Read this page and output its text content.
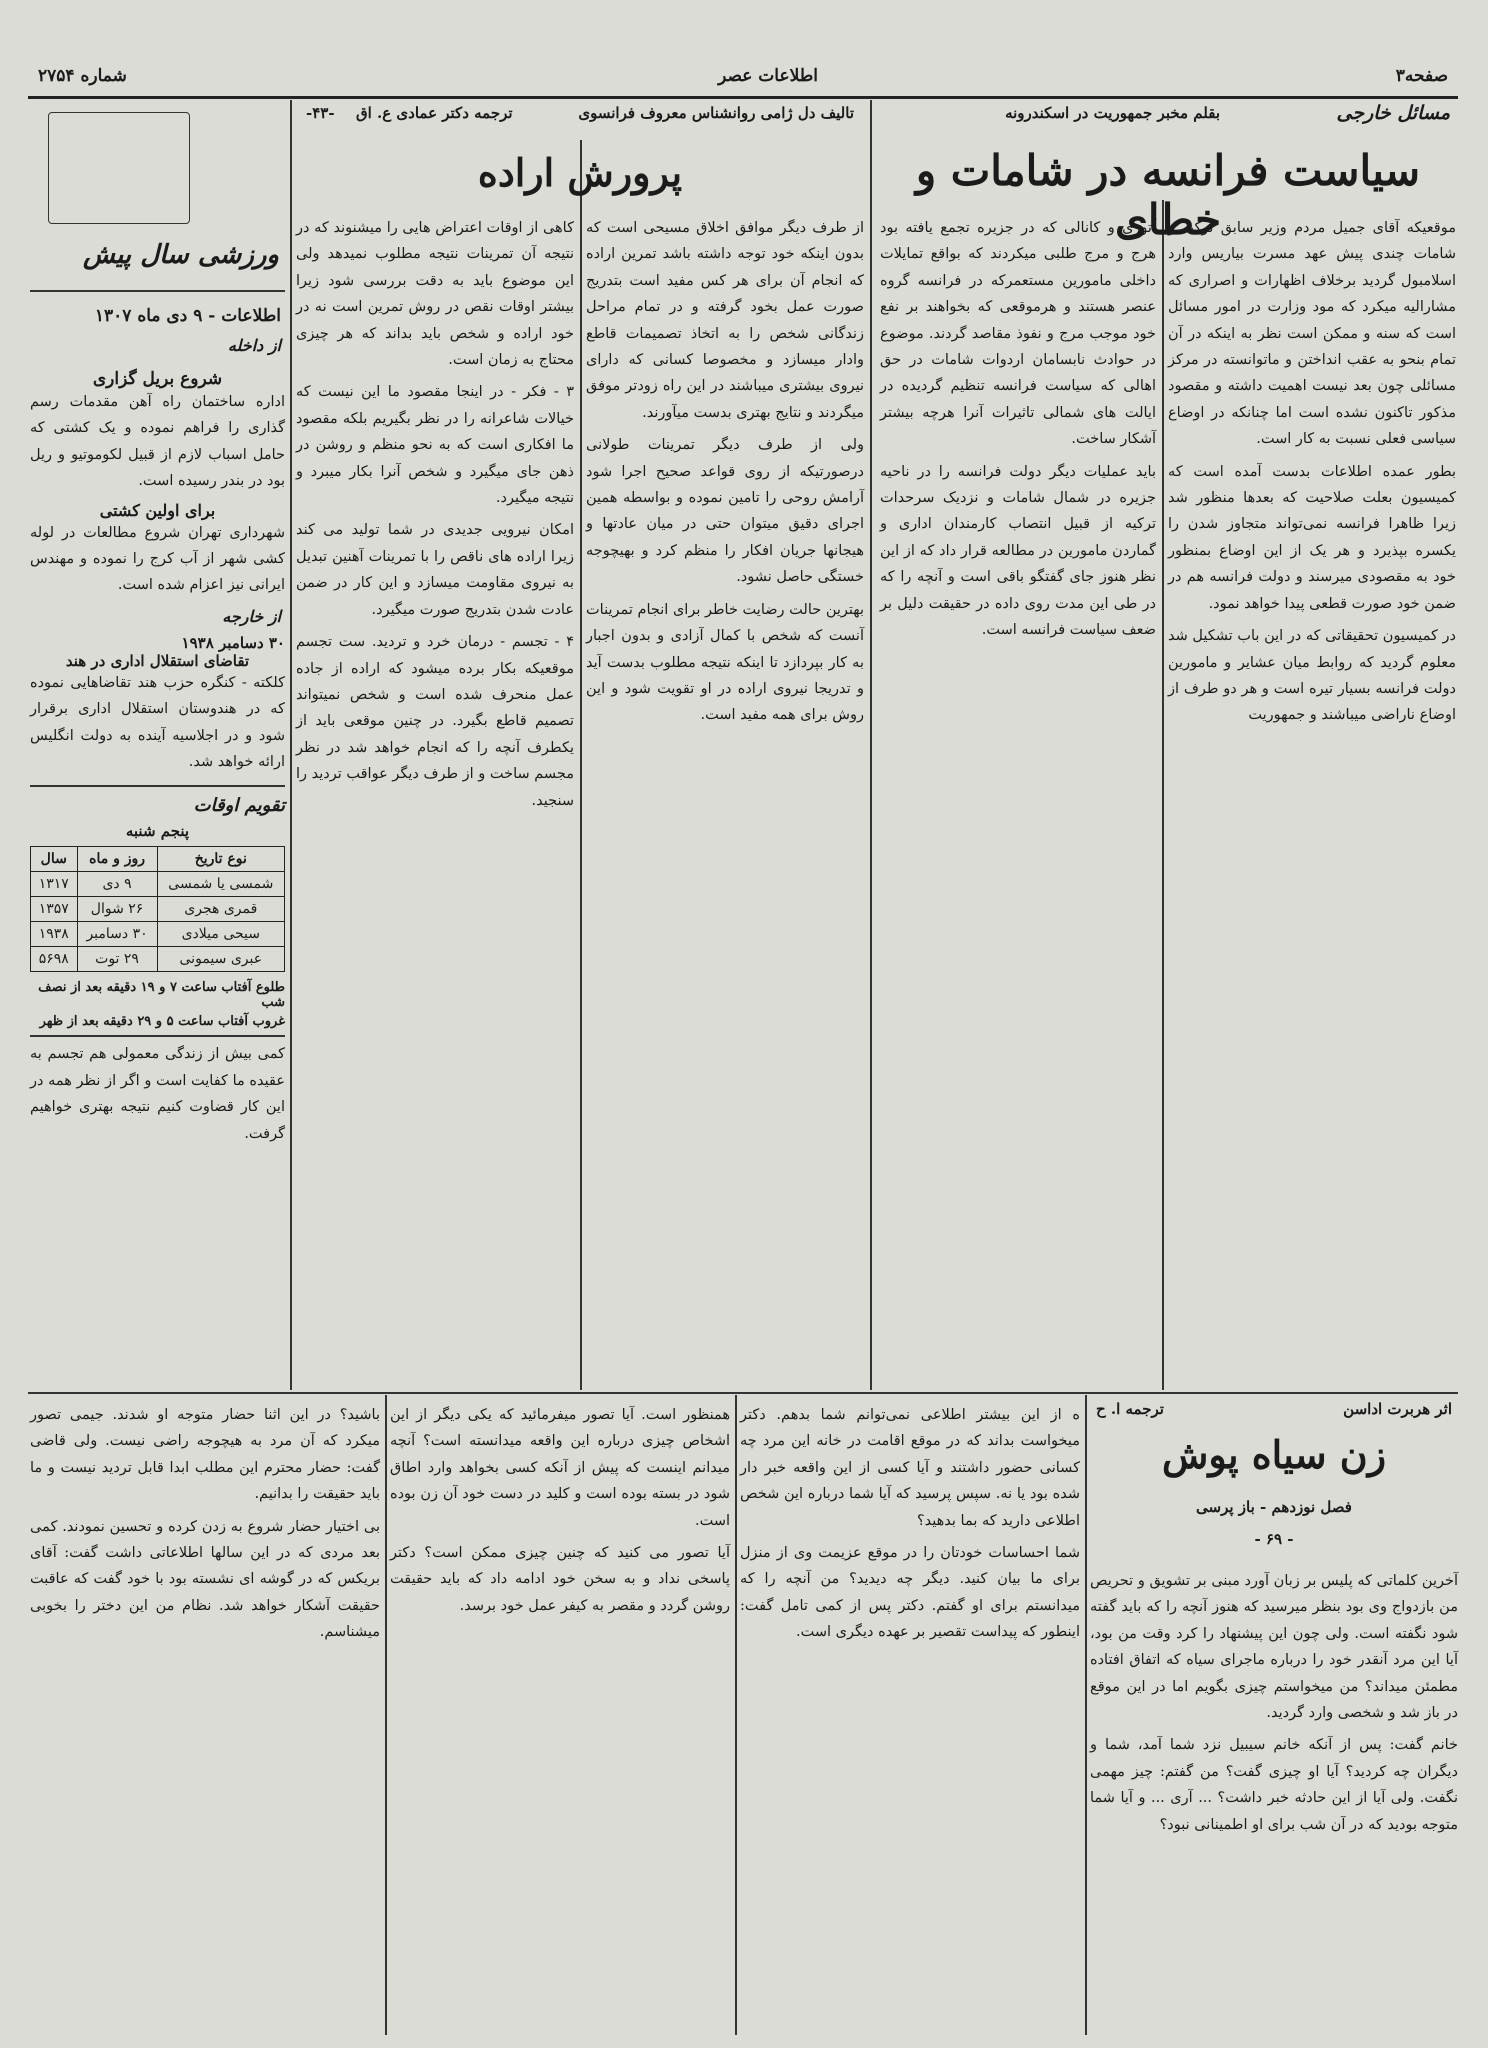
صفحه۳
اطلاعات عصر
شماره ۲۷۵۴
مسائل خارجی
بقلم مخبر جمهوریت در اسکندرونه
سیاست فرانسه در شامات و خطای

موقعیکه آقای جمیل مردم وزیر سابق ترکیه و شامات چندی پیش عهد مسرت بیاریس وارد اسلامبول گردید برخلاف اظهارات و اصراری که مشاراليه میکرد که مود وزارت در امور مسائل است که سنه و ممکن است نظر به اینکه در آن تمام بنحو به عقب انداختن و ماتوانسته در مرکز مسائلی چون بعد نیست اهمیت داشته و مقصود مذکور تاکنون نشده است اما چنانکه در اوضاع سیاسی فعلی نسبت به کار است.

بطور عمده اطلاعات بدست آمده است که کمیسیون بعلت صلاحیت که بعدها منظور شد زیرا ظاهرا فرانسه نمی‌تواند متجاوز شدن را یکسره بپذیرد و هر یک از این اوضاع بمنظور خود به مقصودی میرسند و دولت فرانسه هم در ضمن خود صورت قطعی پیدا خواهد نمود.

در کمیسیون تحقیقاتی که در این باب تشکیل شد معلوم گردید که روابط میان عشایر و مامورین دولت فرانسه بسیار تیره است و هر دو طرف از اوضاع ناراضی میباشند و جمهوریت

آتوری و کانالی که در جزیره تجمع یافته بود هرج و مرج طلبی میکردند که بواقع تمایلات داخلی مامورین مستعمرکه در فرانسه گروه عنصر هستند و هرموقعی که بخواهند بر نفع خود موجب مرج و نفوذ مقاصد گردند. موضوع در حوادث نابسامان اردوات شامات در حق اهالی که سیاست فرانسه تنظیم گردیده در ایالت های شمالی تاثیرات آنرا هرچه بیشتر آشکار ساخت.

باید عملیات دیگر دولت فرانسه را در ناحیه جزیره در شمال شامات و نزدیک سرحدات ترکیه از قبیل انتصاب کارمندان اداری و گماردن مامورین در مطالعه قرار داد که از این نظر هنوز جای گفتگو باقی است و آنچه را که در طی این مدت روی داده در حقیقت دلیل بر ضعف سیاست فرانسه است.

تالیف دل ژامی روانشناس معروف فرانسوی
ترجمه دکتر عمادی ع. اق
-۴۳-
پرورش اراده

از طرف دیگر موافق اخلاق مسیحی است که بدون اینکه خود توجه داشته باشد تمرین اراده که انجام آن برای هر کس مفید است بتدریج صورت عمل بخود گرفته و در تمام مراحل زندگانی شخص را به اتخاذ تصمیمات قاطع وادار میسازد و مخصوصا کسانی که دارای نیروی بیشتری میباشند در این راه زودتر موفق میگردند و نتایج بهتری بدست میآورند.

ولی از طرف دیگر تمرینات طولانی درصورتیکه از روی قواعد صحیح اجرا شود آرامش روحی را تامین نموده و بواسطه همین اجرای دقیق میتوان حتی در میان عادتها و هیجانها جریان افکار را منظم کرد و بهیچوجه خستگی حاصل نشود.

بهترین حالت رضایت خاطر برای انجام تمرینات آنست که شخص با کمال آزادی و بدون اجبار به کار بپردازد تا اینکه نتیجه مطلوب بدست آید و تدریجا نیروی اراده در او تقویت شود و این روش برای همه مفید است.

کاهی از اوقات اعتراض هایی را میشنوند که در نتیجه آن تمرینات نتیجه مطلوب نمیدهد ولی این موضوع باید به دقت بررسی شود زیرا بیشتر اوقات نقص در روش تمرین است نه در خود اراده و شخص باید بداند که هر چیزی محتاج به زمان است.

۳ - فکر - در اینجا مقصود ما این نیست که خیالات شاعرانه را در نظر بگیریم بلکه مقصود ما افکاری است که به نحو منظم و روشن در ذهن جای میگیرد و شخص آنرا بکار میبرد و نتیجه میگیرد.

امکان نیرویی جدیدی در شما تولید می کند زیرا اراده های ناقص را با تمرینات آهنین تبدیل به نیروی مقاومت میسازد و این کار در ضمن عادت شدن بتدریج صورت میگیرد.

۴ - تجسم - درمان خرد و تردید. ست تجسم موقعیکه بکار برده میشود که اراده از جاده عمل منحرف شده است و شخص نمیتواند تصمیم قاطع بگیرد. در چنین موقعی باید از یکطرف آنچه را که انجام خواهد شد در نظر مجسم ساخت و از طرف دیگر عواقب تردید را سنجید.

ورزشی سال پیش
اطلاعات - ۹ دی ماه ۱۳۰۷
از داخله
شروع بریل گزاری

اداره ساختمان راه آهن مقدمات رسم گذاری را فراهم نموده و یک کشتی که حامل اسباب لازم از قبیل لکوموتیو و ریل بود در بندر رسیده است.

برای اولین کشتی

شهرداری تهران شروع مطالعات در لوله کشی شهر از آب کرج را نموده و مهندس ایرانی نیز اعزام شده است.

از خارجه
۳۰ دسامبر ۱۹۳۸
تقاضای استقلال اداری در هند

کلکته - کنگره حزب هند تقاضاهایی نموده که در هندوستان استقلال اداری برقرار شود و در اجلاسیه آینده به دولت انگلیس ارائه خواهد شد.

تقویم اوقات
پنجم شنبه
نوع تاریخ	روز و ماه	سال
شمسی یا شمسی	۹ دی	۱۳۱۷
قمری هجری	۲۶ شوال	۱۳۵۷
سیحی میلادی	۳۰ دسامبر	۱۹۳۸
عبری سیمونی	۲۹ توت	۵۶۹۸
طلوع آفتاب ساعت ۷ و ۱۹ دقیقه بعد از نصف شب
غروب آفتاب ساعت ۵ و ۲۹ دقیقه بعد از ظهر

کمی بیش از زندگی معمولی هم تجسم به عقیده ما کفایت است و اگر از نظر همه در این کار قضاوت کنیم نتیجه بهتری خواهیم گرفت.

اثر هربرت اداسن
ترجمه ا. ح
زن سیاه پوش
فصل نوزدهم - باز پرسی
- ۶۹ -

آخرین کلماتی که پلیس بر زبان آورد مبنی بر تشویق و تحریص من بازدواج وی بود بنظر میرسید که هنوز آنچه را که باید گفته شود نگفته است. ولی چون این پیشنهاد را کرد وقت من بود، آیا این مرد آنقدر خود را درباره ماجرای سیاه که اتفاق افتاده مطمئن میداند؟ من میخواستم چیزی بگویم اما در این موقع در باز شد و شخصی وارد گردید.

خانم گفت: پس از آنکه خانم سیبیل نزد شما آمد، شما و دیگران چه کردید؟ آیا او چیزی گفت؟ من گفتم: چیز مهمی نگفت. ولی آیا از این حادثه خبر داشت؟ ... آری ... و آیا شما متوجه بودید که در آن شب برای او اطمینانی نبود؟

ه از این بیشتر اطلاعی نمی‌توانم شما بدهم. دکتر میخواست بداند که در موقع اقامت در خانه این مرد چه کسانی حضور داشتند و آیا کسی از این واقعه خبر دار شده بود یا نه. سپس پرسید که آیا شما درباره این شخص اطلاعی دارید که بما بدهید؟

شما احساسات خودتان را در موقع عزیمت وی از منزل برای ما بیان کنید. دیگر چه دیدید؟ من آنچه را که میدانستم برای او گفتم. دکتر پس از کمی تامل گفت: اینطور که پیداست تقصیر بر عهده دیگری است.

همنظور است. آیا تصور میفرمائید که یکی دیگر از این اشخاص چیزی درباره این واقعه میدانسته است؟ آنچه میدانم اینست که پیش از آنکه کسی بخواهد وارد اطاق شود در بسته بوده است و کلید در دست خود آن زن بوده است.

آیا تصور می کنید که چنین چیزی ممکن است؟ دکتر پاسخی نداد و به سخن خود ادامه داد که باید حقیقت روشن گردد و مقصر به کیفر عمل خود برسد.

باشید؟ در این اثنا حضار متوجه او شدند. جیمی تصور میکرد که آن مرد به هیچوجه راضی نیست. ولی قاضی گفت: حضار محترم این مطلب ابدا قابل تردید نیست و ما باید حقیقت را بدانیم.

بی اختیار حضار شروع به زدن کرده و تحسین نمودند. کمی بعد مردی که در این سالها اطلاعاتی داشت گفت: آقای بریکس که در گوشه ای نشسته بود با خود گفت که عاقبت حقیقت آشکار خواهد شد. نظام من این دختر را بخوبی میشناسم.
